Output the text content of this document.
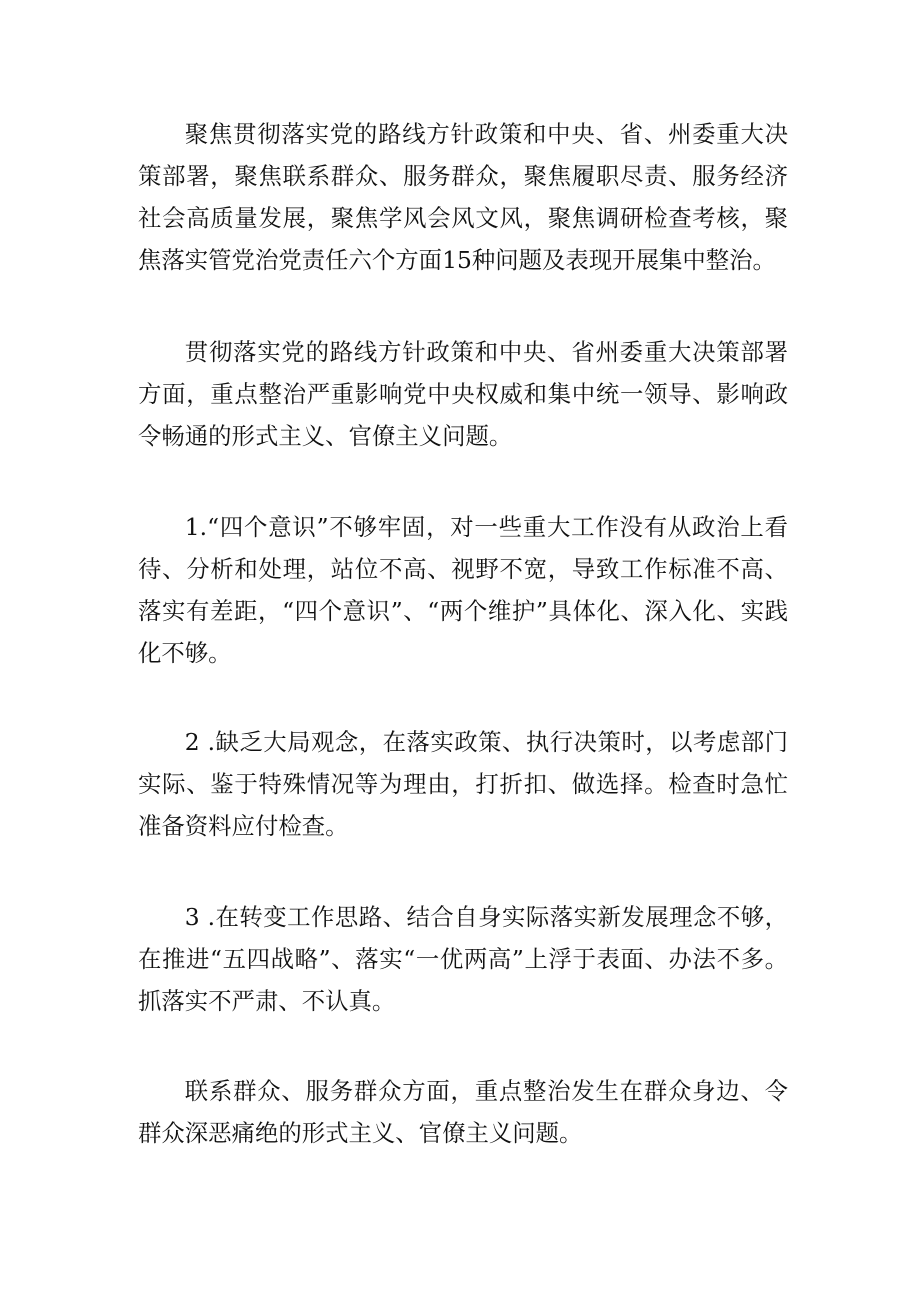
聚焦贯彻落实党的路线方针政策和中央、省、州委重大决策部署，聚焦联系群众、服务群众，聚焦履职尽责、服务经济社会高质量发展，聚焦学风会风文风，聚焦调研检查考核，聚焦落实管党治党责任六个方面15种问题及表现开展集中整治。

贯彻落实党的路线方针政策和中央、省州委重大决策部署方面，重点整治严重影响党中央权威和集中统一领导、影响政令畅通的形式主义、官僚主义问题。

1.“四个意识”不够牢固，对一些重大工作没有从政治上看待、分析和处理，站位不高、视野不宽，导致工作标准不高、落实有差距，“四个意识”、“两个维护”具体化、深入化、实践化不够。

2 .缺乏大局观念，在落实政策、执行决策时，以考虑部门实际、鉴于特殊情况等为理由，打折扣、做选择。检查时急忙准备资料应付检查。

3 .在转变工作思路、结合自身实际落实新发展理念不够，在推进“五四战略”、落实“一优两高”上浮于表面、办法不多。抓落实不严肃、不认真。

联系群众、服务群众方面，重点整治发生在群众身边、令群众深恶痛绝的形式主义、官僚主义问题。
